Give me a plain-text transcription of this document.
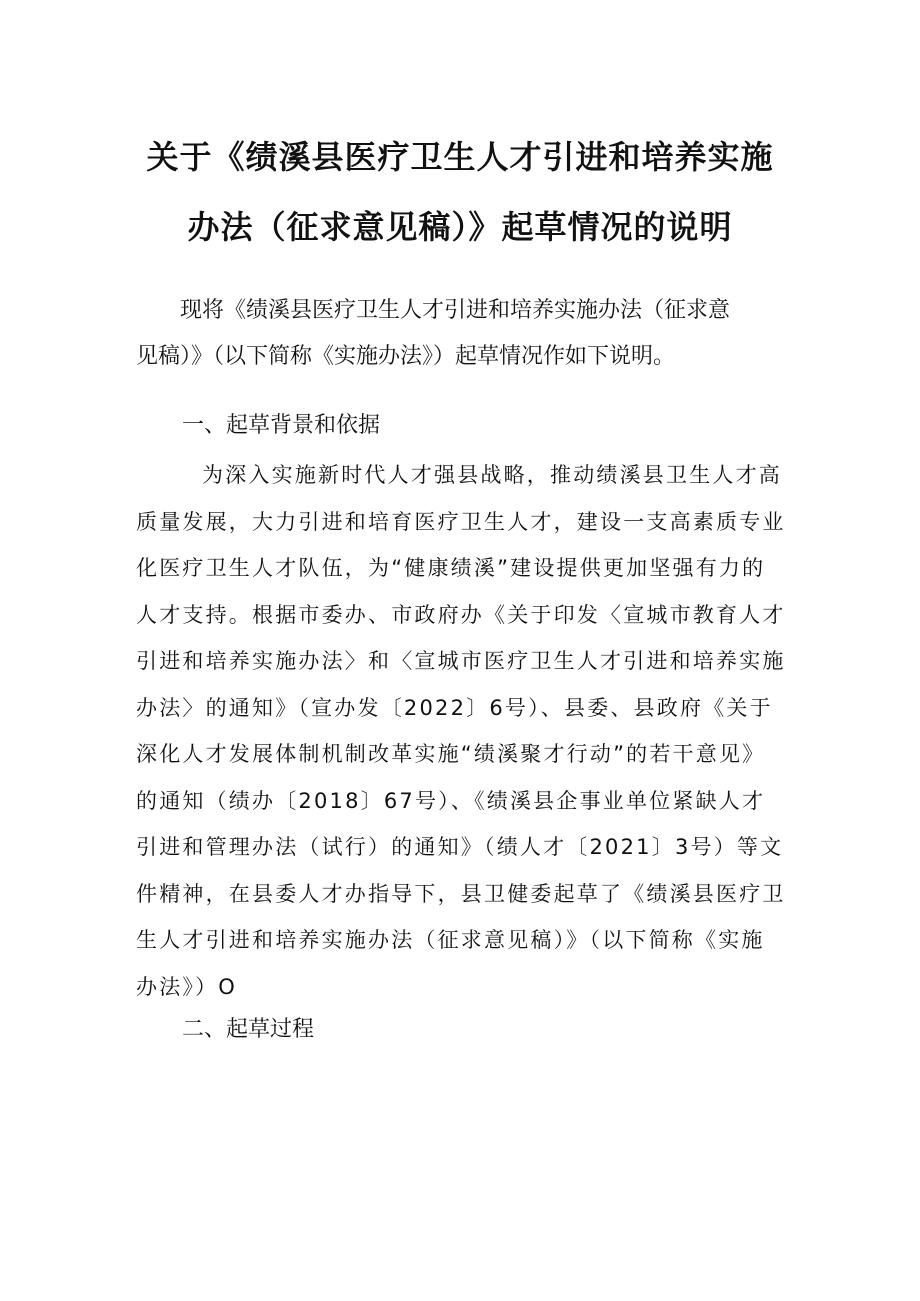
关于《绩溪县医疗卫生人才引进和培养实施
办法（征求意见稿）》起草情况的说明
现将《绩溪县医疗卫生人才引进和培养实施办法（征求意
见稿）》（以下简称《实施办法》）起草情况作如下说明。
一、起草背景和依据
为深入实施新时代人才强县战略，推动绩溪县卫生人才高
质量发展，大力引进和培育医疗卫生人才，建设一支高素质专业
化医疗卫生人才队伍，为“健康绩溪”建设提供更加坚强有力的
人才支持。根据市委办、市政府办《关于印发〈宣城市教育人才
引进和培养实施办法〉和〈宣城市医疗卫生人才引进和培养实施
办法〉的通知》（宣办发〔2022〕6号）、县委、县政府《关于
深化人才发展体制机制改革实施“绩溪聚才行动”的若干意见》
的通知（绩办〔2018〕67号）、《绩溪县企事业单位紧缺人才
引进和管理办法（试行）的通知》（绩人才〔2021〕3号）等文
件精神，在县委人才办指导下，县卫健委起草了《绩溪县医疗卫
生人才引进和培养实施办法（征求意见稿）》（以下简称《实施
办法》）O
二、起草过程
